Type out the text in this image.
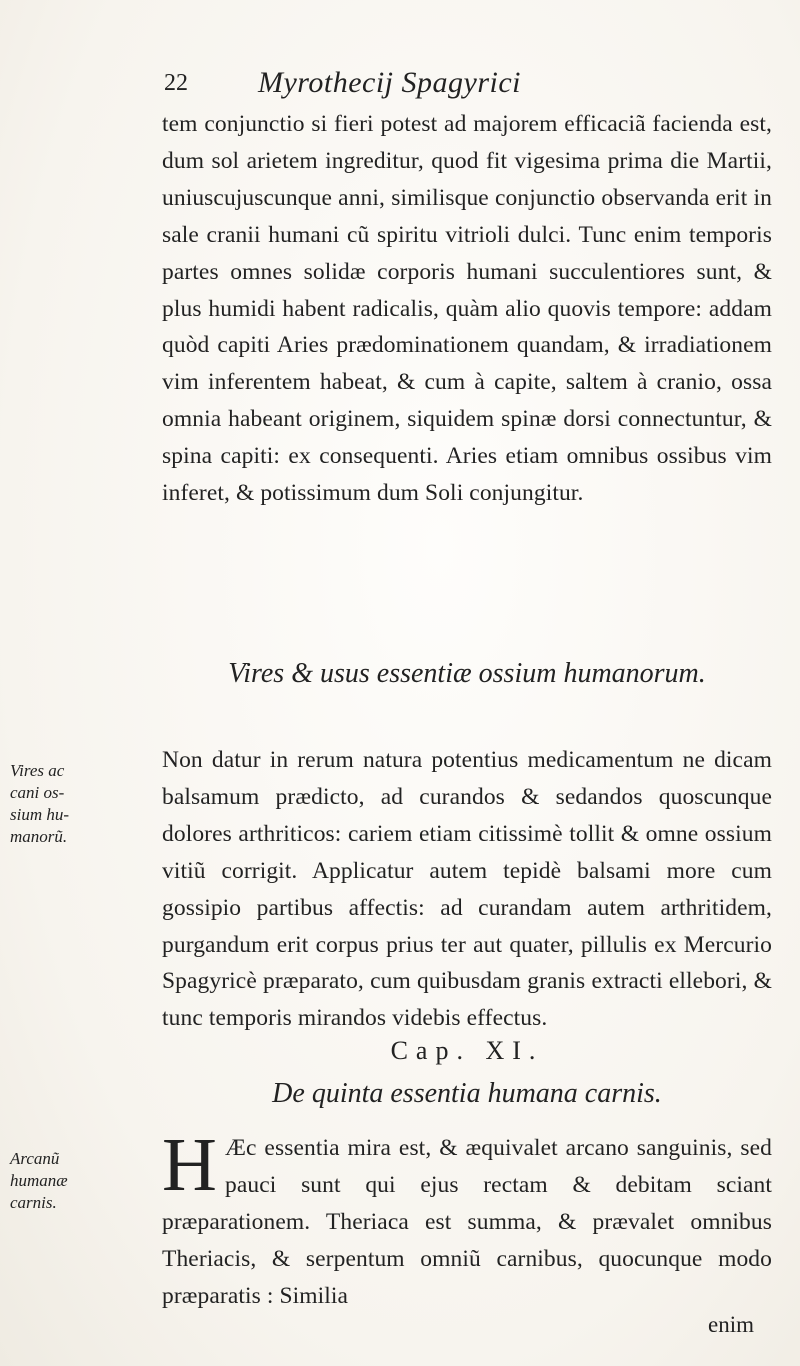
22 Myrothecij Spagyrici
tem conjunctio si fieri potest ad majorem efficaciã facienda est, dum sol arietem ingreditur, quod fit vigesima prima die Martii, uniuscujuscunque anni, similisque conjunctio observanda erit in sale cranii humani cũ spiritu vitrioli dulci. Tunc enim temporis partes omnes solidæ corporis humani succulentiores sunt, & plus humidi habent radicalis, quàm alio quovis tempore: addam quòd capiti Aries prædominationem quandam, & irradiationem vim inferentem habeat, & cum à capite, saltem à cranio, ossa omnia habeant originem, siquidem spinæ dorsi connectuntur, & spina capiti: ex consequenti. Aries etiam omnibus ossibus vim inferet, & potissimum dum Soli conjungitur.
Vires & usus essentiæ ossium humanorum.
Vires ac
cani os-
sium hu-
manorũ.
Non datur in rerum natura potentius medicamentum ne dicam balsamum prædicto, ad curandos & sedandos quoscunque dolores arthriticos: cariem etiam citissimè tollit & omne ossium vitiũ corrigit. Applicatur autem tepidè balsami more cum gossipio partibus affectis: ad curandam autem arthritidem, purgandum erit corpus prius ter aut quater, pillulis ex Mercurio Spagyricè præparato, cum quibusdam granis extracti ellebori, & tunc temporis mirandos videbis effectus.
Cap. XI.
De quinta essentia humana carnis.
Arcanũ
humanæ
carnis.	H Æc essentia mira est, & æquivalet arcano sanguinis, sed pauci sunt qui ejus rectam & debitam sciant præparationem. Theriaca est summa, & prævalet omnibus Theriacis, & serpentum omniũ carnibus, quocunque modo præparatis : Similia
enim
